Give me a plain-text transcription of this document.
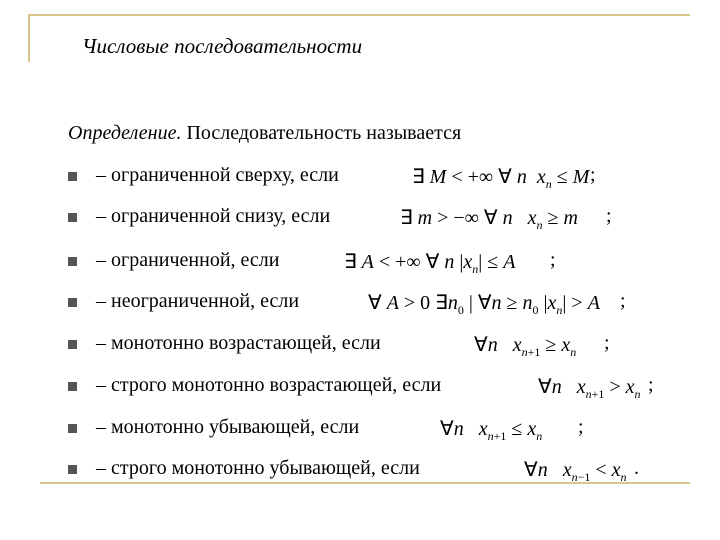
Числовые последовательности
Определение. Последовательность называется
– ограниченной сверху, если	∃ M < +∞ ∀ n $x_n \le M$ ;
– ограниченной снизу, если	∃ m > −∞ ∀ n $x_n \ge m$ ;
– ограниченной, если	∃ A < +∞ ∀ n $|x_n| \le A$ ;
– неограниченной, если	∀ A > 0 $\exists n_0$ | ∀n ≥ $n_0$ $|x_n| > A$ ;
– монотонно возрастающей, если	∀n $x_{n+1} \ge x_n$ ;
– строго монотонно возрастающей, если	∀n $x_{n+1} > x_n$ ;
– монотонно убывающей, если	∀n $x_{n+1} \le x_n$ ;
– строго монотонно убывающей, если	∀n $x_{n-1} < x_n$ .
